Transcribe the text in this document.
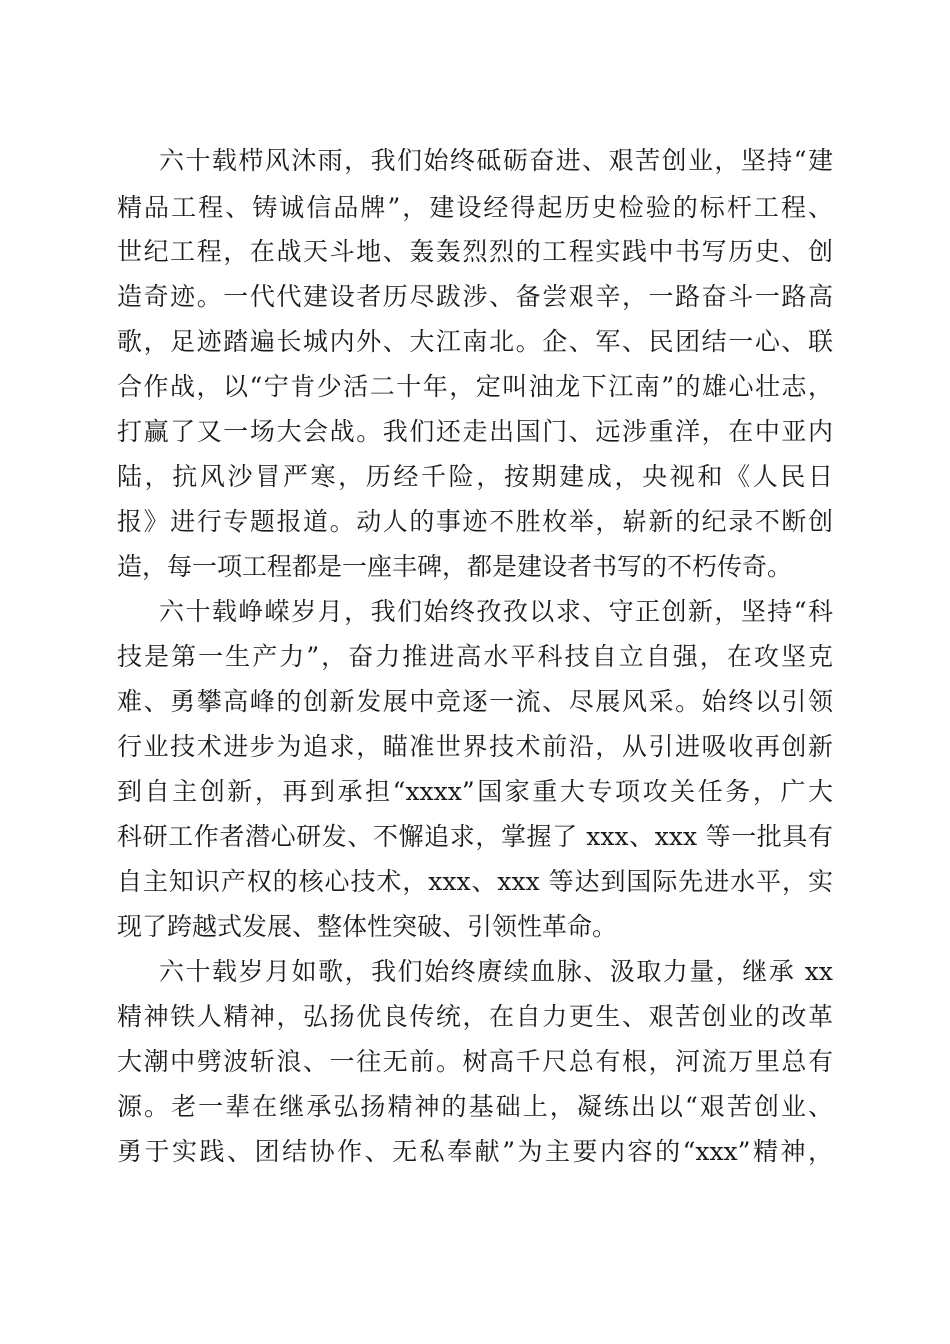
六十载栉风沐雨，我们始终砥砺奋进、艰苦创业，坚持“建
精品工程、铸诚信品牌”，建设经得起历史检验的标杆工程、
世纪工程，在战天斗地、轰轰烈烈的工程实践中书写历史、创
造奇迹。一代代建设者历尽跋涉、备尝艰辛，一路奋斗一路高
歌，足迹踏遍长城内外、大江南北。企、军、民团结一心、联
合作战，以“宁肯少活二十年，定叫油龙下江南”的雄心壮志，
打赢了又一场大会战。我们还走出国门、远涉重洋，在中亚内
陆，抗风沙冒严寒，历经千险，按期建成，央视和《人民日
报》进行专题报道。动人的事迹不胜枚举，崭新的纪录不断创
造，每一项工程都是一座丰碑，都是建设者书写的不朽传奇。
六十载峥嵘岁月，我们始终孜孜以求、守正创新，坚持“科
技是第一生产力”，奋力推进高水平科技自立自强，在攻坚克
难、勇攀高峰的创新发展中竞逐一流、尽展风采。始终以引领
行业技术进步为追求，瞄准世界技术前沿，从引进吸收再创新
到自主创新，再到承担“xxxx”国家重大专项攻关任务，广大
科研工作者潜心研发、不懈追求，掌握了 xxx、xxx 等一批具有
自主知识产权的核心技术，xxx、xxx 等达到国际先进水平，实
现了跨越式发展、整体性突破、引领性革命。
六十载岁月如歌，我们始终赓续血脉、汲取力量，继承 xx
精神铁人精神，弘扬优良传统，在自力更生、艰苦创业的改革
大潮中劈波斩浪、一往无前。树高千尺总有根，河流万里总有
源。老一辈在继承弘扬精神的基础上，凝练出以“艰苦创业、
勇于实践、团结协作、无私奉献”为主要内容的“xxx”精神，
